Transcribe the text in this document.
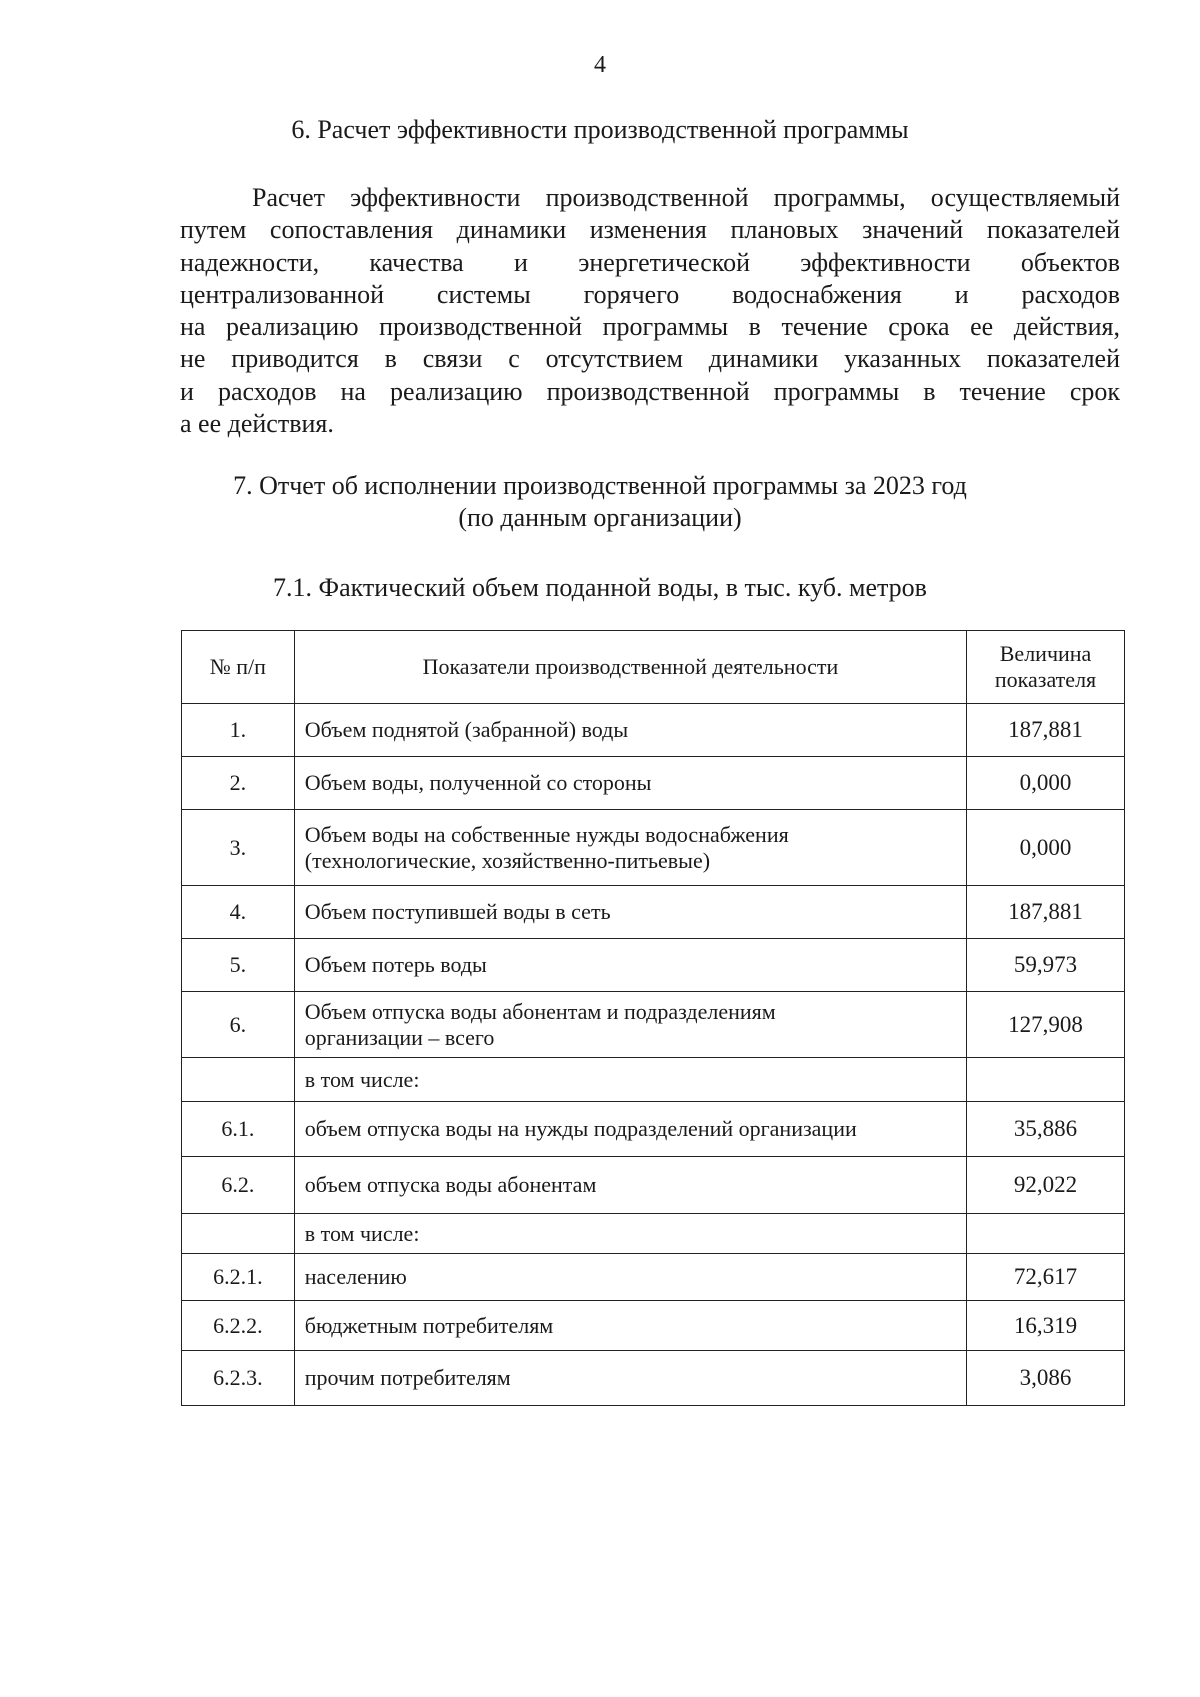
4
6. Расчет эффективности производственной программы
Расчет эффективности производственной программы, осуществляемый
путем сопоставления динамики изменения плановых значений показателей
надежности, качества и энергетической эффективности объектов
централизованной системы горячего водоснабжения и расходов
на реализацию производственной программы в течение срока ее действия,
не приводится в связи с отсутствием динамики указанных показателей
и расходов на реализацию производственной программы в течение срок
а ее действия.
7. Отчет об исполнении производственной программы за 2023 год
(по данным организации)
7.1. Фактический объем поданной воды, в тыс. куб. метров
№ п/п	Показатели производственной деятельности	Величина
показателя

1.	Объем поднятой (забранной) воды	187,881
2.	Объем воды, полученной со стороны	0,000
3.	Объем воды на собственные нужды водоснабжения
(технологические, хозяйственно-питьевые)	0,000
4.	Объем поступившей воды в сеть	187,881
5.	Объем потерь воды	59,973
6.	Объем отпуска воды абонентам и подразделениям
организации – всего	127,908

	в том числе:	

6.1.	объем отпуска воды на нужды подразделений организации	35,886
6.2.	объем отпуска воды абонентам	92,022

	в том числе:	

6.2.1.	населению	72,617
6.2.2.	бюджетным потребителям	16,319
6.2.3.	прочим потребителям	3,086
